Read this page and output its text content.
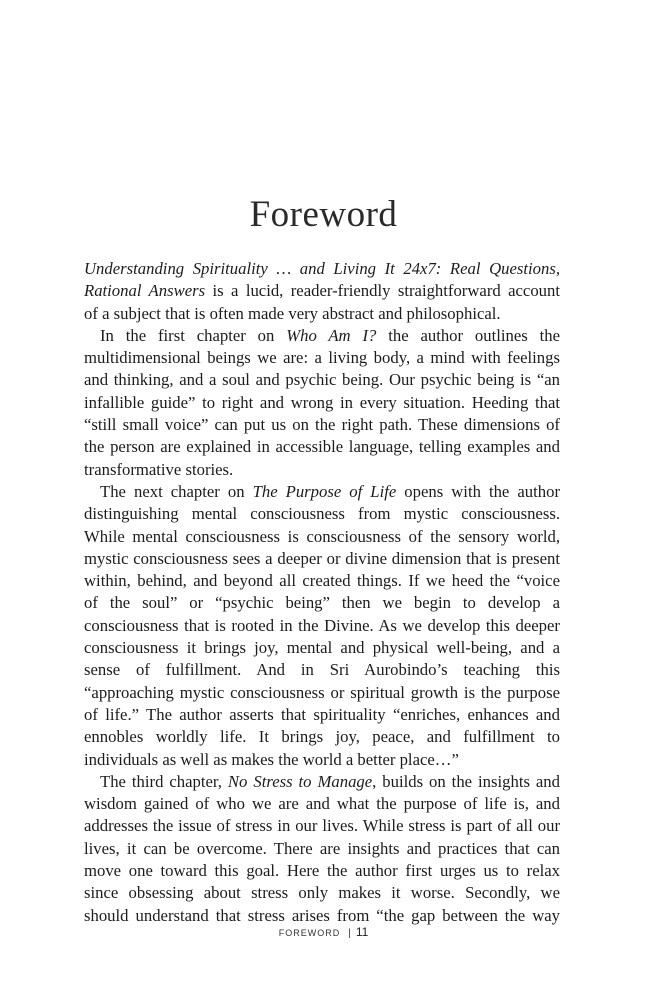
Foreword

Understanding Spirituality … and Living It 24x7: Real Questions,

Rational Answers is a lucid, reader-friendly straightforward account

of a subject that is often made very abstract and philosophical.

In the first chapter on Who Am I? the author outlines the

multidimensional beings we are: a living body, a mind with feelings

and thinking, and a soul and psychic being. Our psychic being is “an

infallible guide” to right and wrong in every situation. Heeding that

“still small voice” can put us on the right path. These dimensions of

the person are explained in accessible language, telling examples and

transformative stories.

The next chapter on The Purpose of Life opens with the author

distinguishing mental consciousness from mystic consciousness.

While mental consciousness is consciousness of the sensory world,

mystic consciousness sees a deeper or divine dimension that is present

within, behind, and beyond all created things. If we heed the “voice

of the soul” or “psychic being” then we begin to develop a

consciousness that is rooted in the Divine. As we develop this deeper

consciousness it brings joy, mental and physical well-being, and a

sense of fulfillment. And in Sri Aurobindo’s teaching this

“approaching mystic consciousness or spiritual growth is the purpose

of life.” The author asserts that spirituality “enriches, enhances and

ennobles worldly life. It brings joy, peace, and fulfillment to

individuals as well as makes the world a better place…”

The third chapter, No Stress to Manage, builds on the insights and

wisdom gained of who we are and what the purpose of life is, and

addresses the issue of stress in our lives. While stress is part of all our

lives, it can be overcome. There are insights and practices that can

move one toward this goal. Here the author first urges us to relax

since obsessing about stress only makes it worse. Secondly, we

should understand that stress arises from “the gap between the way

FOREWORD | 11
